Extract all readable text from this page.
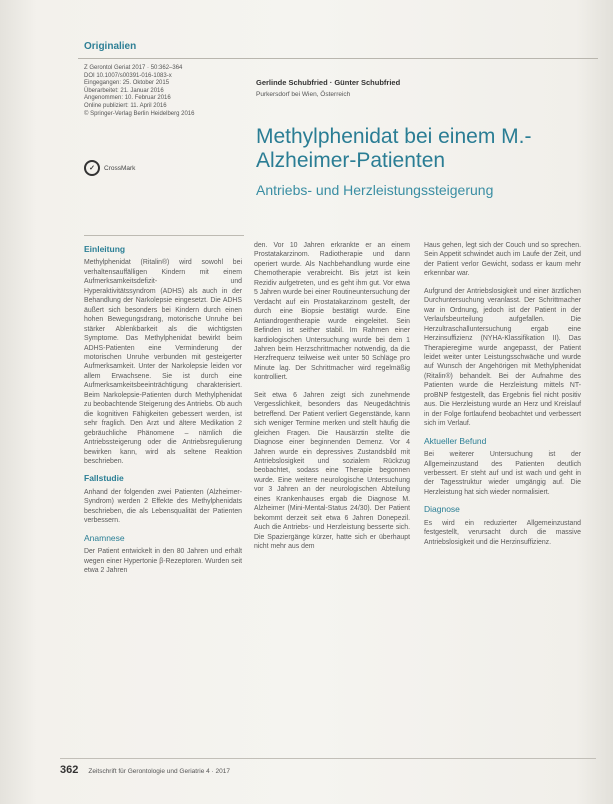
Originalien
Z Gerontol Geriat 2017 · 50:362–364
DOI 10.1007/s00391-016-1083-x
Eingegangen: 25. Oktober 2015
Überarbeitet: 21. Januar 2016
Angenommen: 10. Februar 2016
Online publiziert: 11. April 2016
© Springer-Verlag Berlin Heidelberg 2016
✓	CrossMark
Gerlinde Schubfried · Günter Schubfried
Purkersdorf bei Wien, Österreich
Methylphenidat bei einem M.-Alzheimer-Patienten
Antriebs- und Herzleistungssteigerung
Einleitung
Methylphenidat (Ritalin®) wird sowohl bei verhaltensauffälligen Kindern mit einem Aufmerksamkeitsdefizit- und Hyperaktivitätssyndrom (ADHS) als auch in der Behandlung der Narkolepsie eingesetzt. Die ADHS äußert sich besonders bei Kindern durch einen hohen Bewegungsdrang, motorische Unruhe bei stärker Ablenkbarkeit als die wichtigsten Symptome. Das Methylphenidat bewirkt beim ADHS-Patienten eine Verminderung der motorischen Unruhe verbunden mit gesteigerter Aufmerksamkeit. Unter der Narkolepsie leiden vor allem Erwachsene. Sie ist durch eine Aufmerksamkeitsbeeinträchtigung charakterisiert. Beim Narkolepsie-Patienten durch Methylphenidat zu beobachtende Steigerung des Antriebs. Ob auch die kognitiven Fähigkeiten gebessert werden, ist sehr fraglich. Den Arzt und ältere Medikation 2 gebräuchliche Phänomene – nämlich die Antriebssteigerung oder die Antriebsregulierung bewirken kann, wird als seltene Reaktion beschrieben.
Fallstudie
Anhand der folgenden zwei Patienten (Alzheimer-Syndrom) werden 2 Effekte des Methylphenidats beschrieben, die als Lebensqualität der Patienten verbessern.
Anamnese
Der Patient entwickelt in den 80 Jahren und erhält wegen einer Hypertonie β-Rezeptoren. Wurden seit etwa 2 Jahren
den. Vor 10 Jahren erkrankte er an einem Prostatakarzinom. Radiotherapie und dann operiert wurde. Als Nachbehandlung wurde eine Chemotherapie verabreicht. Bis jetzt ist kein Rezidiv aufgetreten, und es geht ihm gut. Vor etwa 5 Jahren wurde bei einer Routineuntersuchung der Verdacht auf ein Prostatakarzinom gestellt, der durch eine Biopsie bestätigt wurde. Eine Antiandrogentherapie wurde eingeleitet. Sein Befinden ist seither stabil. Im Rahmen einer kardiologischen Untersuchung wurde bei dem 1 Jahren beim Herzschrittmacher notwendig, da die Herzfrequenz teilweise weit unter 50 Schläge pro Minute lag. Der Schrittmacher wird regelmäßig kontrolliert.
Seit etwa 6 Jahren zeigt sich zunehmende Vergesslichkeit, besonders das Neugedächtnis betreffend. Der Patient verliert Gegenstände, kann sich weniger Termine merken und stellt häufig die gleichen Fragen. Die Hausärztin stellte die Diagnose einer beginnenden Demenz. Vor 4 Jahren wurde ein depressives Zustandsbild mit Antriebslosigkeit und sozialem Rückzug beobachtet, sodass eine Therapie begonnen wurde. Eine weitere neurologische Untersuchung vor 3 Jahren an der neurologischen Abteilung eines Krankenhauses ergab die Diagnose M. Alzheimer (Mini-Mental-Status 24/30). Der Patient bekommt derzeit seit etwa 6 Jahren Donepezil. Auch die Antriebs- und Herzleistung besserte sich. Die Spaziergänge kürzer, hatte sich er überhaupt nicht mehr aus dem
Haus gehen, legt sich der Couch und so sprechen. Sein Appetit schwindet auch im Laufe der Zeit, und der Patient verlor Gewicht, sodass er kaum mehr erkennbar war.
Aufgrund der Antriebslosigkeit und einer ärztlichen Durchuntersuchung veranlasst. Der Schrittmacher war in Ordnung, jedoch ist der Patient in der Verlaufsbeurteilung aufgefallen. Die Herzultraschalluntersuchung ergab eine Herzinsuffizienz (NYHA-Klassifikation II). Das Therapieregime wurde angepasst, der Patient leidet weiter unter Leistungsschwäche und wurde auf Wunsch der Angehörigen mit Methylphenidat (Ritalin®) behandelt. Bei der Aufnahme des Patienten wurde die Herzleistung mittels NT-proBNP festgestellt, das Ergebnis fiel nicht positiv aus. Die Herzleistung wurde an Herz und Kreislauf in der Folge fortlaufend beobachtet und verbessert sich im Verlauf.
Aktueller Befund
Bei weiterer Untersuchung ist der Allgemeinzustand des Patienten deutlich verbessert. Er steht auf und ist wach und geht in der Tagesstruktur wieder umgängig auf. Die Herzleistung hat sich wieder normalisiert.
Diagnose
Es wird ein reduzierter Allgemeinzustand festgestellt, verursacht durch die massive Antriebslosigkeit und die Herzinsuffizienz.
362 Zeitschrift für Gerontologie und Geriatrie 4 · 2017
